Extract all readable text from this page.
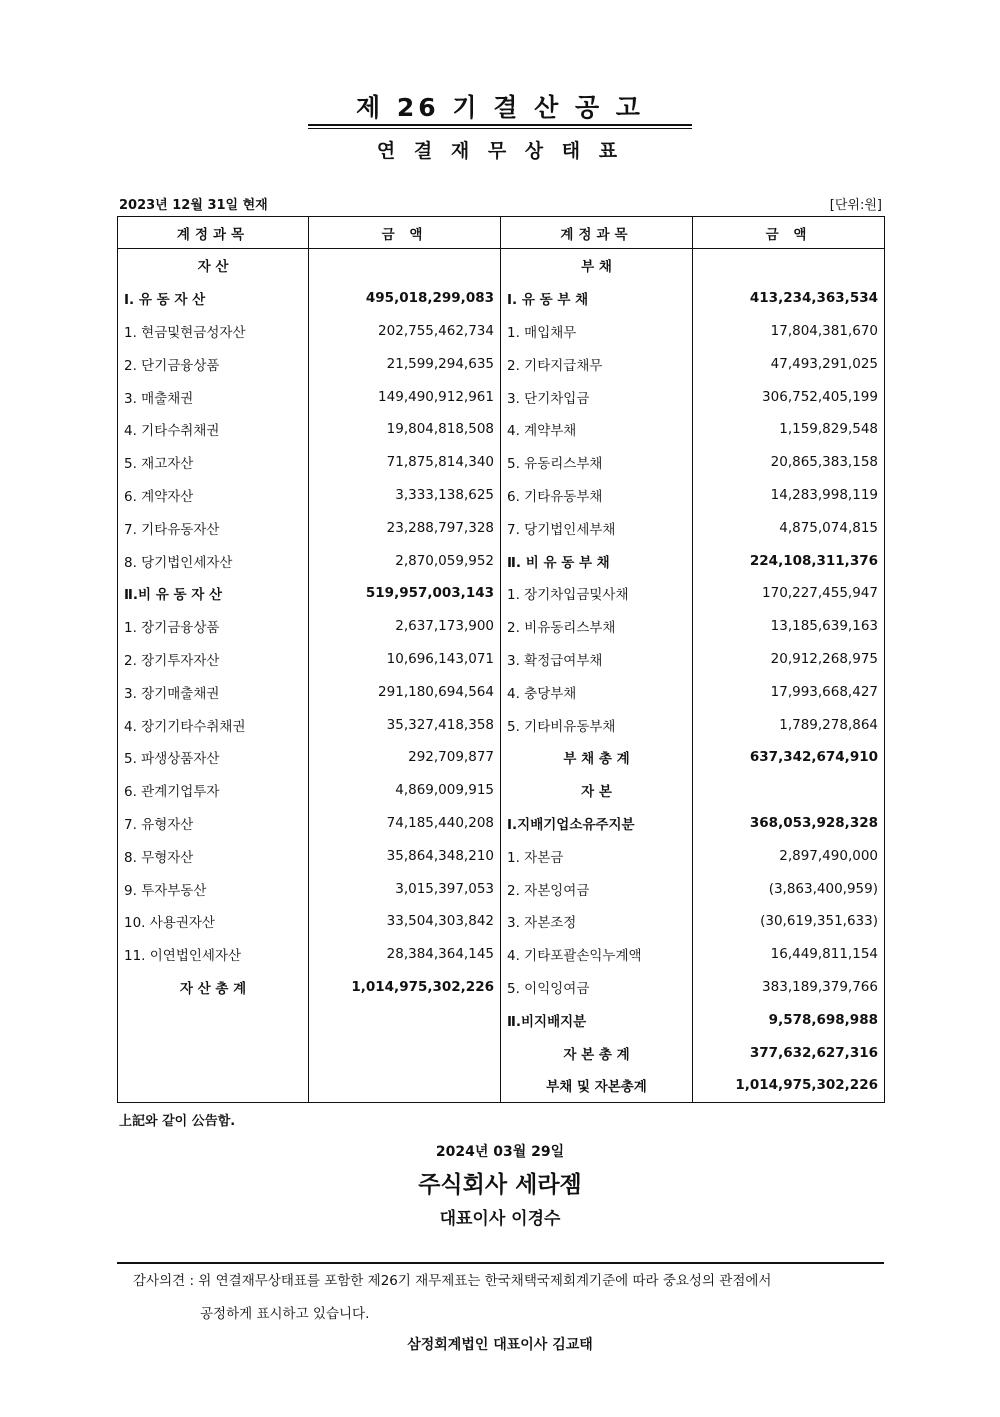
제 26 기 결 산 공 고
연 결 재 무 상 태 표
2023년 12월 31일 현재	[단위:원]
계정과목	금 액	계정과목	금 액
자 산		부 채	
Ⅰ. 유 동 자 산	495,018,299,083	Ⅰ. 유 동 부 채	413,234,363,534
1. 현금및현금성자산	202,755,462,734	1. 매입채무	17,804,381,670
2. 단기금융상품	21,599,294,635	2. 기타지급채무	47,493,291,025
3. 매출채권	149,490,912,961	3. 단기차입금	306,752,405,199
4. 기타수취채권	19,804,818,508	4. 계약부채	1,159,829,548
5. 재고자산	71,875,814,340	5. 유동리스부채	20,865,383,158
6. 계약자산	3,333,138,625	6. 기타유동부채	14,283,998,119
7. 기타유동자산	23,288,797,328	7. 당기법인세부채	4,875,074,815
8. 당기법인세자산	2,870,059,952	Ⅱ. 비 유 동 부 채	224,108,311,376
Ⅱ.비 유 동 자 산	519,957,003,143	1. 장기차입금및사채	170,227,455,947
1. 장기금융상품	2,637,173,900	2. 비유동리스부채	13,185,639,163
2. 장기투자자산	10,696,143,071	3. 확정급여부채	20,912,268,975
3. 장기매출채권	291,180,694,564	4. 충당부채	17,993,668,427
4. 장기기타수취채권	35,327,418,358	5. 기타비유동부채	1,789,278,864
5. 파생상품자산	292,709,877	부 채 총 계	637,342,674,910
6. 관계기업투자	4,869,009,915	자 본	
7. 유형자산	74,185,440,208	Ⅰ.지배기업소유주지분	368,053,928,328
8. 무형자산	35,864,348,210	1. 자본금	2,897,490,000
9. 투자부동산	3,015,397,053	2. 자본잉여금	(3,863,400,959)
10. 사용권자산	33,504,303,842	3. 자본조정	(30,619,351,633)
11. 이연법인세자산	28,384,364,145	4. 기타포괄손익누계액	16,449,811,154
자 산 총 계	1,014,975,302,226	5. 이익잉여금	383,189,379,766
		Ⅱ.비지배지분	9,578,698,988
		자 본 총 계	377,632,627,316
		부채 및 자본총계	1,014,975,302,226
上記와 같이 公告함.
2024년 03월 29일
주식회사 세라젬
대표이사 이경수
감사의견 : 위 연결재무상태표를 포함한 제26기 재무제표는 한국채택국제회계기준에 따라 중요성의 관점에서
공정하게 표시하고 있습니다.
삼정회계법인 대표이사 김교태
